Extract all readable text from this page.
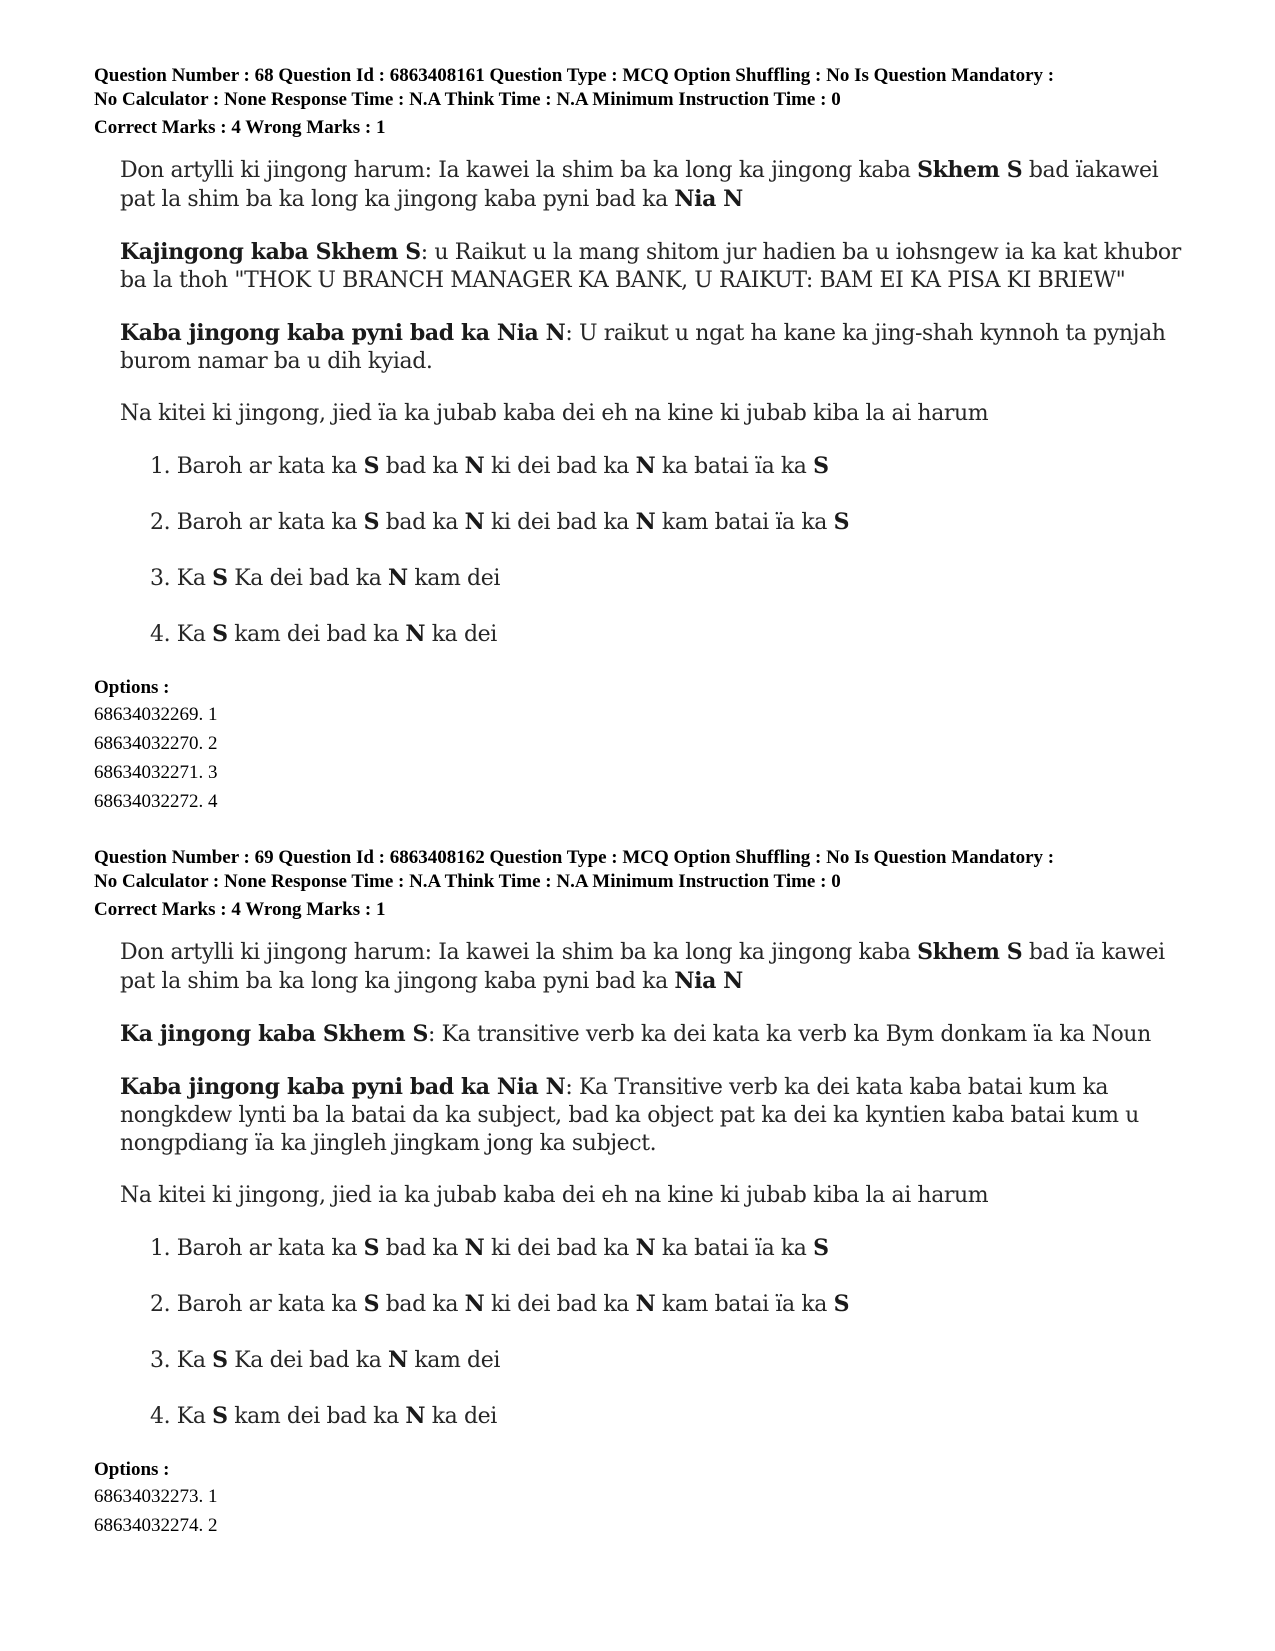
Question Number : 68 Question Id : 6863408161 Question Type : MCQ Option Shuffling : No Is Question Mandatory :
No Calculator : None Response Time : N.A Think Time : N.A Minimum Instruction Time : 0
Correct Marks : 4 Wrong Marks : 1

Don artylli ki jingong harum: Ia kawei la shim ba ka long ka jingong kaba Skhem S bad ïakawei pat la shim ba ka long ka jingong kaba pyni bad ka Nia N

Kajingong kaba Skhem S: u Raikut u la mang shitom jur hadien ba u iohsngew ia ka kat khubor ba la thoh "THOK U BRANCH MANAGER KA BANK, U RAIKUT: BAM EI KA PISA KI BRIEW"

Kaba jingong kaba pyni bad ka Nia N: U raikut u ngat ha kane ka jing-shah kynnoh ta pynjah burom namar ba u dih kyiad.

Na kitei ki jingong, jied ïa ka jubab kaba dei eh na kine ki jubab kiba la ai harum

1. Baroh ar kata ka S bad ka N ki dei bad ka N ka batai ïa ka S
2. Baroh ar kata ka S bad ka N ki dei bad ka N kam batai ïa ka S
3. Ka S Ka dei bad ka N kam dei
4. Ka S kam dei bad ka N ka dei
Options :
68634032269. 1
68634032270. 2
68634032271. 3
68634032272. 4
Question Number : 69 Question Id : 6863408162 Question Type : MCQ Option Shuffling : No Is Question Mandatory :
No Calculator : None Response Time : N.A Think Time : N.A Minimum Instruction Time : 0
Correct Marks : 4 Wrong Marks : 1

Don artylli ki jingong harum: Ia kawei la shim ba ka long ka jingong kaba Skhem S bad ïa kawei pat la shim ba ka long ka jingong kaba pyni bad ka Nia N

Ka jingong kaba Skhem S: Ka transitive verb ka dei kata ka verb ka Bym donkam ïa ka Noun

Kaba jingong kaba pyni bad ka Nia N: Ka Transitive verb ka dei kata kaba batai kum ka nongkdew lynti ba la batai da ka subject, bad ka object pat ka dei ka kyntien kaba batai kum u nongpdiang ïa ka jingleh jingkam jong ka subject.

Na kitei ki jingong, jied ia ka jubab kaba dei eh na kine ki jubab kiba la ai harum

1. Baroh ar kata ka S bad ka N ki dei bad ka N ka batai ïa ka S
2. Baroh ar kata ka S bad ka N ki dei bad ka N kam batai ïa ka S
3. Ka S Ka dei bad ka N kam dei
4. Ka S kam dei bad ka N ka dei
Options :
68634032273. 1
68634032274. 2
